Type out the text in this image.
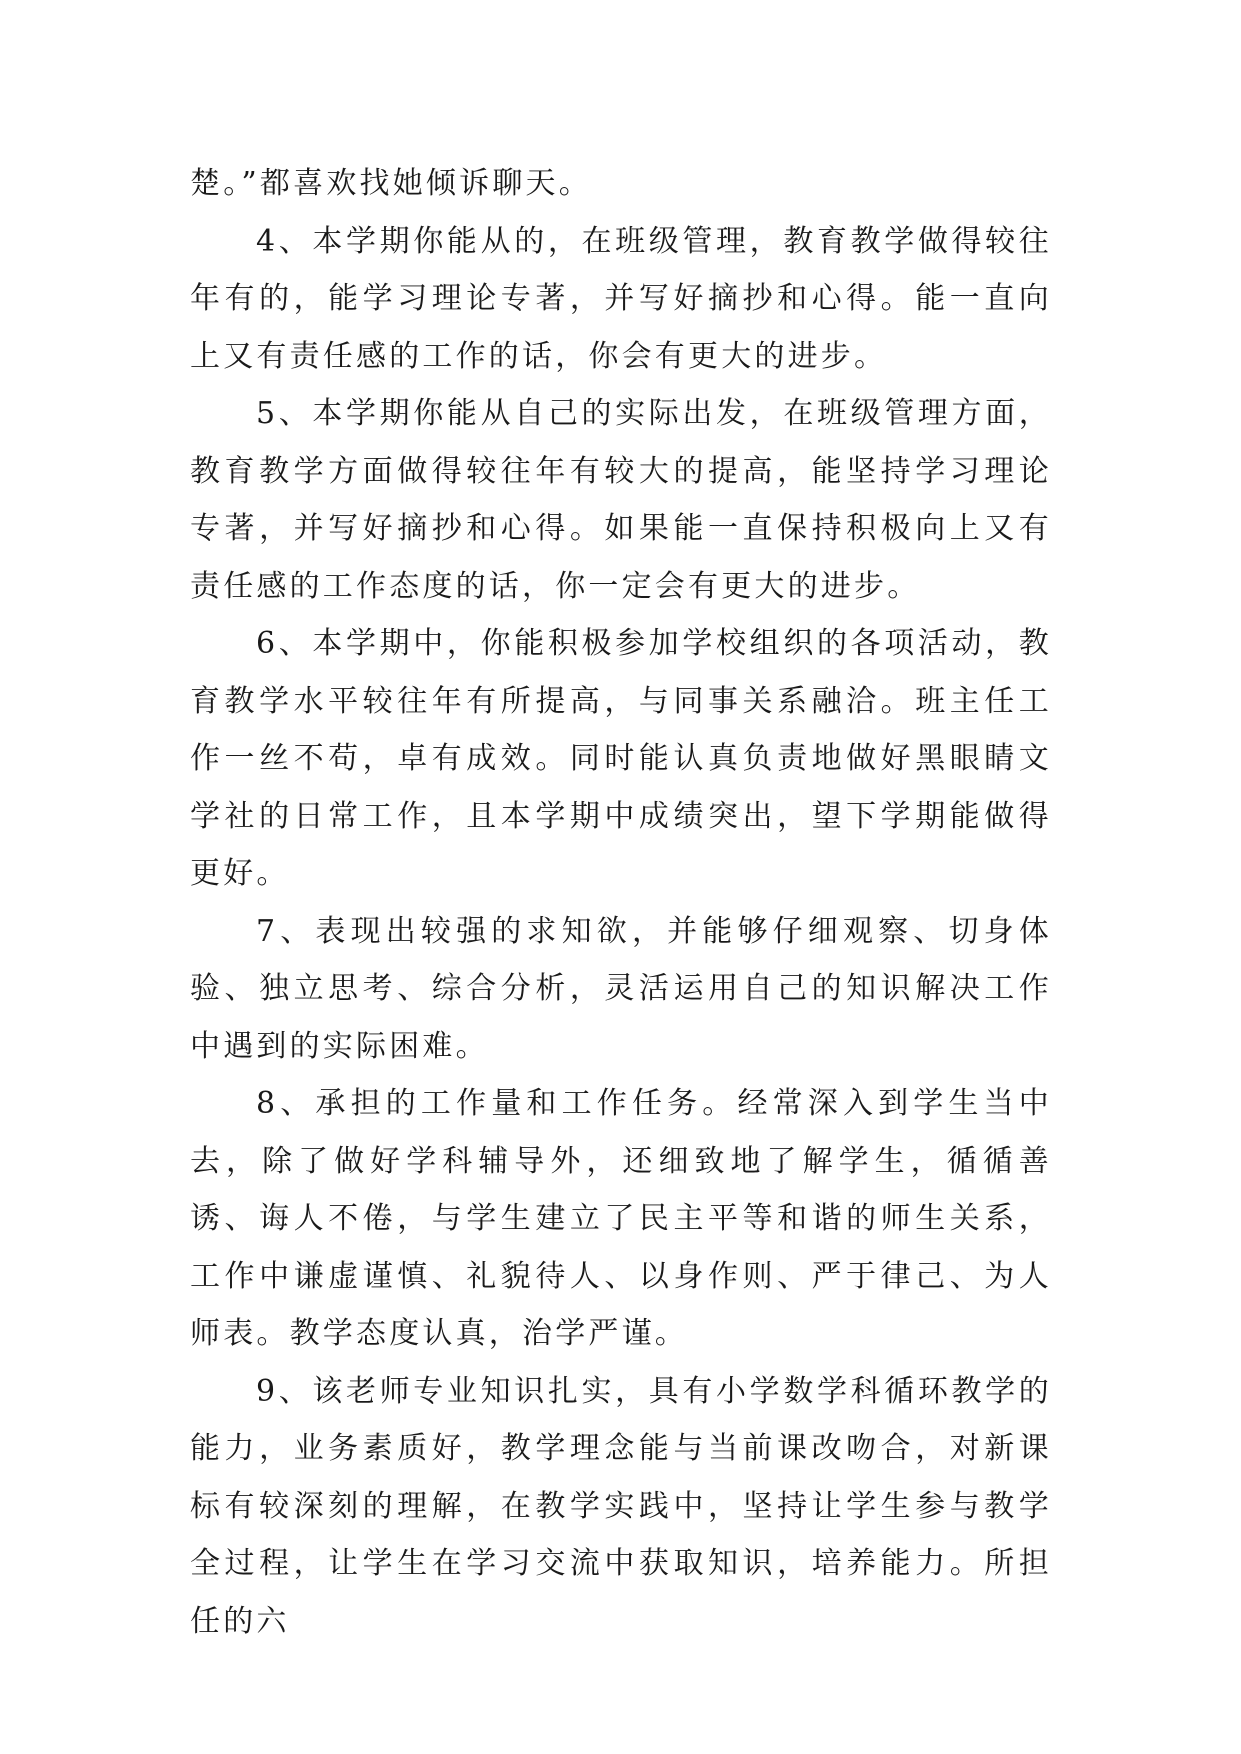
楚。”都喜欢找她倾诉聊天。

4、本学期你能从的，在班级管理，教育教学做得较往年有的，能学习理论专著，并写好摘抄和心得。能一直向上又有责任感的工作的话，你会有更大的进步。

5、本学期你能从自己的实际出发，在班级管理方面，教育教学方面做得较往年有较大的提高，能坚持学习理论专著，并写好摘抄和心得。如果能一直保持积极向上又有责任感的工作态度的话，你一定会有更大的进步。

6、本学期中，你能积极参加学校组织的各项活动，教育教学水平较往年有所提高，与同事关系融洽。班主任工作一丝不苟，卓有成效。同时能认真负责地做好黑眼睛文学社的日常工作，且本学期中成绩突出，望下学期能做得更好。

7、表现出较强的求知欲，并能够仔细观察、切身体验、独立思考、综合分析，灵活运用自己的知识解决工作中遇到的实际困难。

8、承担的工作量和工作任务。经常深入到学生当中去，除了做好学科辅导外，还细致地了解学生，循循善诱、诲人不倦，与学生建立了民主平等和谐的师生关系，工作中谦虚谨慎、礼貌待人、以身作则、严于律己、为人师表。教学态度认真，治学严谨。

9、该老师专业知识扎实，具有小学数学科循环教学的能力，业务素质好，教学理念能与当前课改吻合，对新课标有较深刻的理解，在教学实践中，坚持让学生参与教学全过程，让学生在学习交流中获取知识，培养能力。所担任的六
